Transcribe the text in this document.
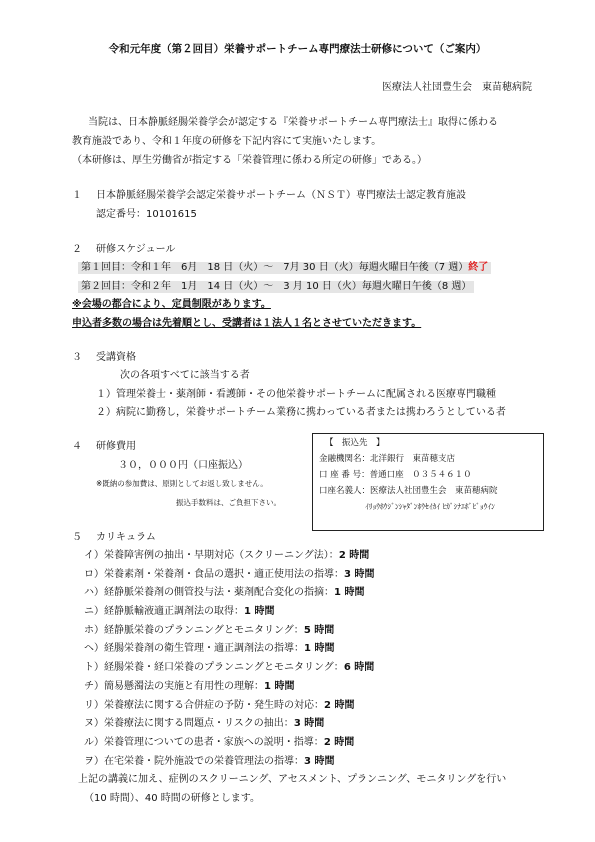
令和元年度（第２回目）栄養サポートチーム専門療法士研修について（ご案内）
医療法人社団豊生会　東苗穂病院
当院は、日本静脈経腸栄養学会が認定する『栄養サポートチーム専門療法士』取得に係わる
教育施設であり、令和１年度の研修を下記内容にて実施いたします。
（本研修は、厚生労働省が指定する「栄養管理に係わる所定の研修」である。）
１ 日本静脈経腸栄養学会認定栄養サポートチーム（ＮＳＴ）専門療法士認定教育施設
認定番号：10101615
２ 研修スケジュール
第１回目：令和１年　6月　18 日（火）～　7月 30 日（火）毎週火曜日午後（7 週）終了
第２回目：令和２年　1月　14 日（火）～　3 月 10 日（火）毎週火曜日午後（8 週）
※会場の都合により、定員制限があります。
申込者多数の場合は先着順とし、受講者は１法人１名とさせていただきます。
３ 受講資格
次の各項すべてに該当する者
１）管理栄養士・薬剤師・看護師・その他栄養サポートチームに配属される医療専門職種
２）病院に勤務し，栄養サポートチーム業務に携わっている者または携わろうとしている者
４ 研修費用
３０，０００円（口座振込）
※既納の参加費は、原則としてお返し致しません。
振込手数料は、ご負担下さい。
【　振込先　】
金融機関名：北洋銀行　東苗穂支店
口 座 番 号：普通口座　０３５４６１０
口座名義人：医療法人社団豊生会　東苗穂病院
ｲﾘｮｳﾎｳｼﾞﾝｼｬﾀﾞﾝﾎｳｾｲｶｲ ﾋｶﾞｼﾅｴﾎﾞﾋﾞｮｳｲﾝ
５ カリキュラム
イ）栄養障害例の抽出・早期対応（スクリーニング法）：2 時間
ロ）栄養素剤・栄養剤・食品の選択・適正使用法の指導：3 時間
ハ）経静脈栄養剤の側管投与法・薬剤配合変化の指摘：1 時間
ニ）経静脈輸液適正調剤法の取得：1 時間
ホ）経静脈栄養のプランニングとモニタリング：5 時間
ヘ）経腸栄養剤の衛生管理・適正調剤法の指導：1 時間
ト）経腸栄養・経口栄養のプランニングとモニタリング：6 時間
チ）簡易懸濁法の実施と有用性の理解：1 時間
リ）栄養療法に関する合併症の予防・発生時の対応：2 時間
ヌ）栄養療法に関する問題点・リスクの抽出：3 時間
ル）栄養管理についての患者・家族への説明・指導：2 時間
ヲ）在宅栄養・院外施設での栄養管理法の指導：3 時間
上記の講義に加え、症例のスクリーニング、アセスメント、プランニング、モニタリングを行い
（10 時間）、40 時間の研修とします。
